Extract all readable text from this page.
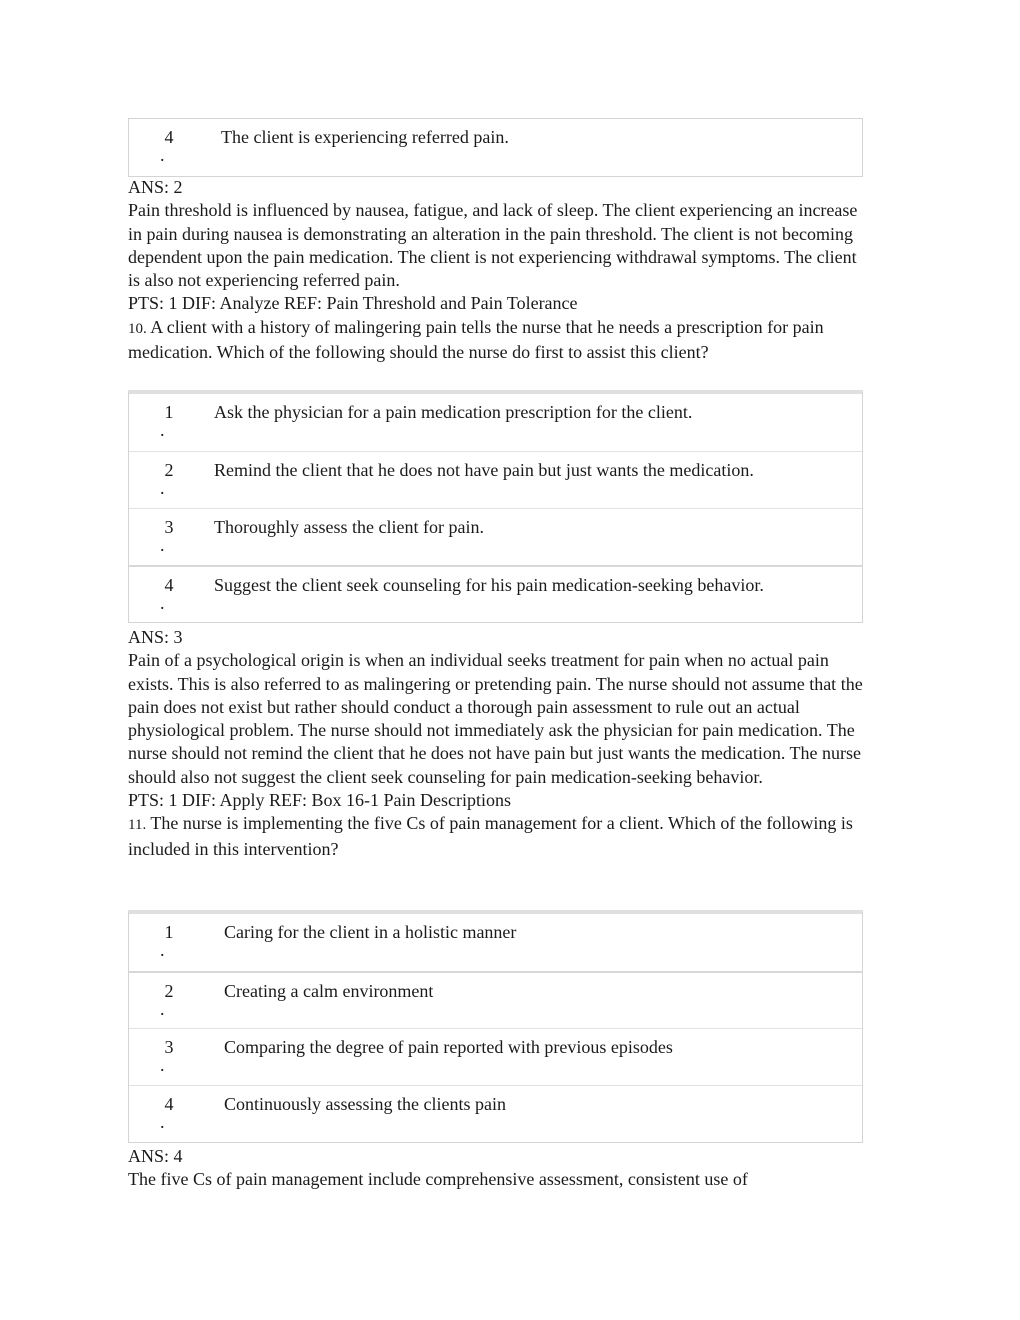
4
.
The client is experiencing referred pain.

ANS: 2

Pain threshold is influenced by nausea, fatigue, and lack of sleep. The client experiencing an increase in pain during nausea is demonstrating an alteration in the pain threshold. The client is not becoming dependent upon the pain medication. The client is not experiencing withdrawal symptoms. The client is also not experiencing referred pain.

PTS: 1 DIF: Analyze REF: Pain Threshold and Pain Tolerance

10. A client with a history of malingering pain tells the nurse that he needs a prescription for pain medication. Which of the following should the nurse do first to assist this client?

1
.
Ask the physician for a pain medication prescription for the client.
2
.
Remind the client that he does not have pain but just wants the medication.
3
.
Thoroughly assess the client for pain.
4
.
Suggest the client seek counseling for his pain medication-seeking behavior.

ANS: 3

Pain of a psychological origin is when an individual seeks treatment for pain when no actual pain exists. This is also referred to as malingering or pretending pain. The nurse should not assume that the pain does not exist but rather should conduct a thorough pain assessment to rule out an actual physiological problem. The nurse should not immediately ask the physician for pain medication. The nurse should not remind the client that he does not have pain but just wants the medication. The nurse should also not suggest the client seek counseling for pain medication-seeking behavior.

PTS: 1 DIF: Apply REF: Box 16-1 Pain Descriptions

11. The nurse is implementing the five Cs of pain management for a client. Which of the following is included in this intervention?

1
.
Caring for the client in a holistic manner
2
.
Creating a calm environment
3
.
Comparing the degree of pain reported with previous episodes
4
.
Continuously assessing the clients pain

ANS: 4

The five Cs of pain management include comprehensive assessment, consistent use of
